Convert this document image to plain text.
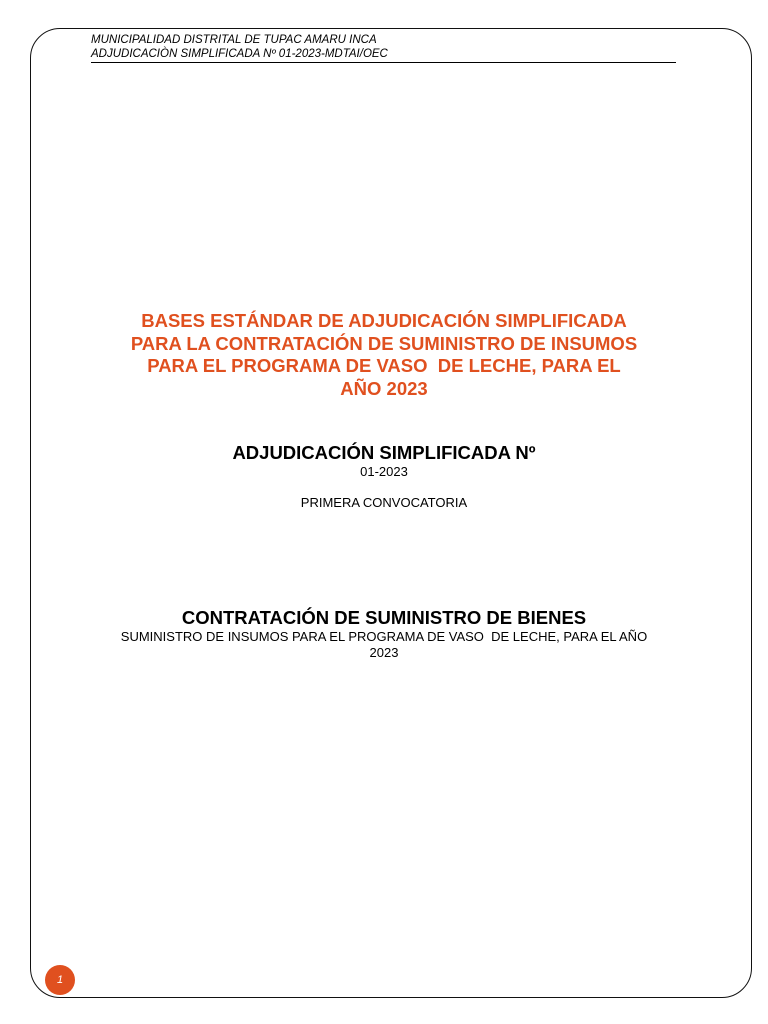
MUNICIPALIDAD DISTRITAL DE TUPAC AMARU INCA
ADJUDICACIÒN SIMPLIFICADA Nº 01-2023-MDTAI/OEC
BASES ESTÁNDAR DE ADJUDICACIÓN SIMPLIFICADA
PARA LA CONTRATACIÓN DE SUMINISTRO DE INSUMOS
PARA EL PROGRAMA DE VASO  DE LECHE, PARA EL
AÑO 2023
ADJUDICACIÓN SIMPLIFICADA Nº
01-2023
PRIMERA CONVOCATORIA
CONTRATACIÓN DE SUMINISTRO DE BIENES
SUMINISTRO DE INSUMOS PARA EL PROGRAMA DE VASO  DE LECHE, PARA EL AÑO
2023
1
